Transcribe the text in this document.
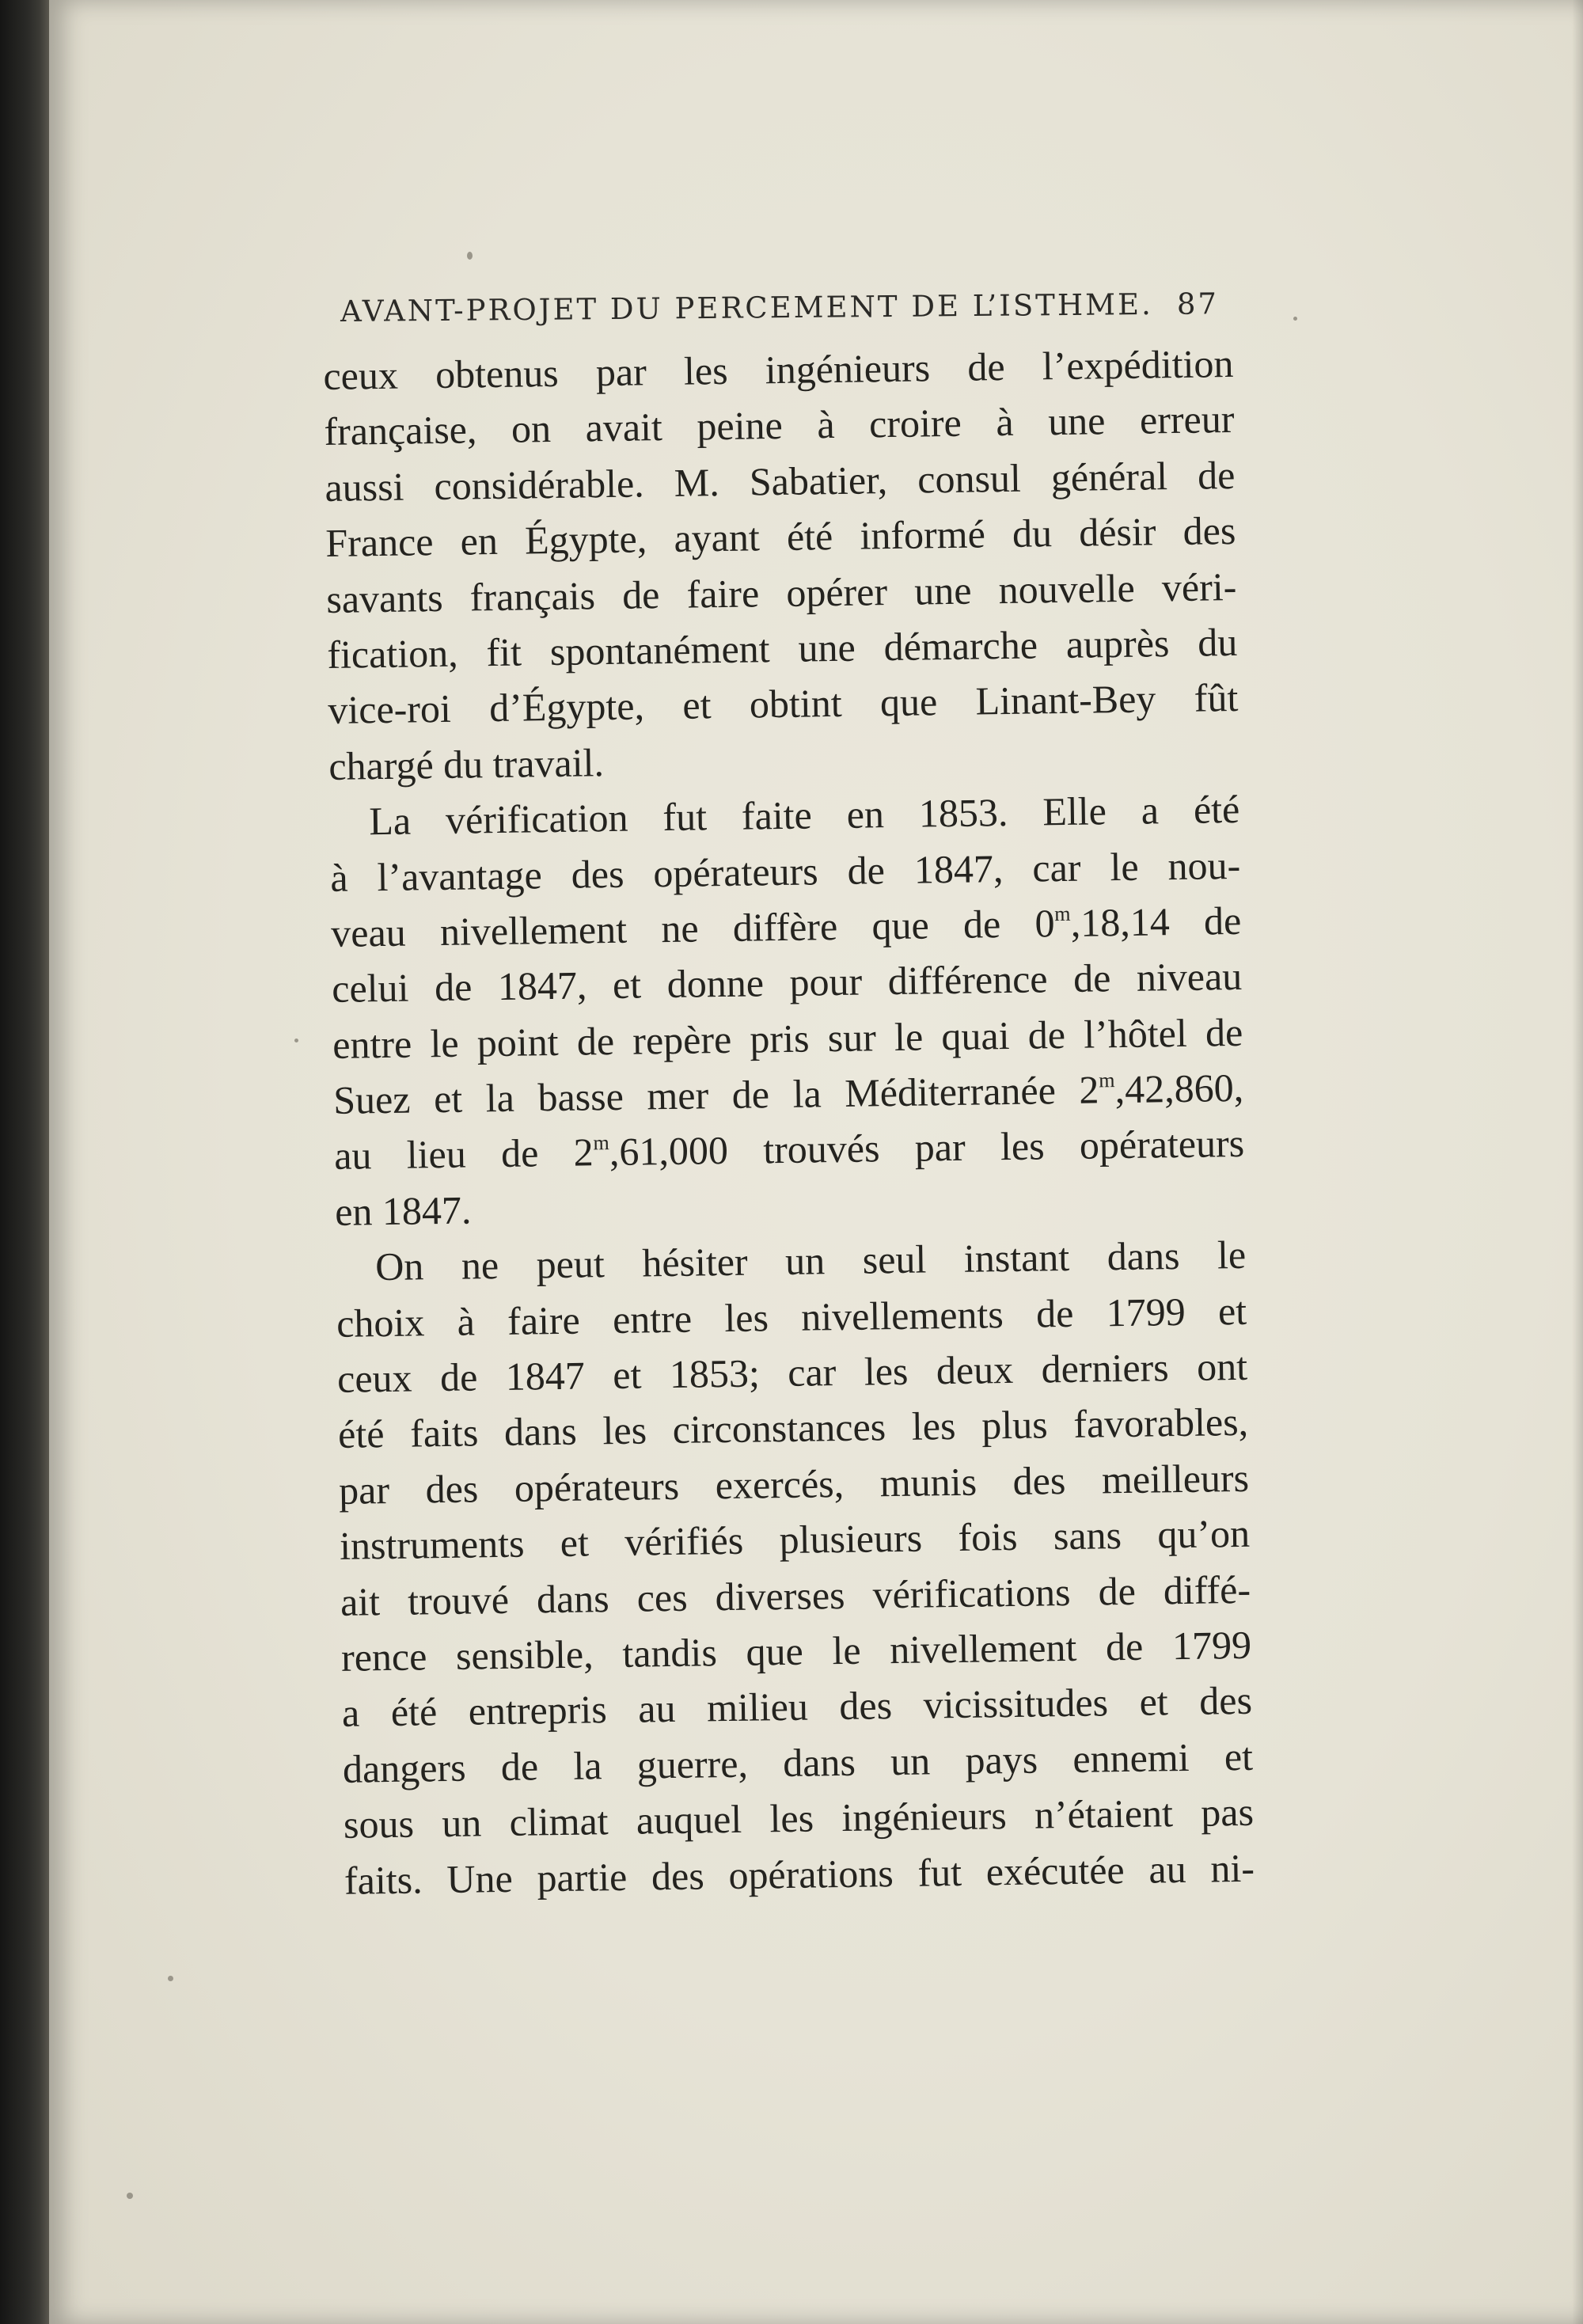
AVANT-PROJET DU PERCEMENT DE L’ISTHME. 87
ceux obtenus par les ingénieurs de l’expédition
française, on avait peine à croire à une erreur
aussi considérable. M. Sabatier, consul général de
France en Égypte, ayant été informé du désir des
savants français de faire opérer une nouvelle véri-
fication, fit spontanément une démarche auprès du
vice-roi d’Égypte, et obtint que Linant-Bey fût
chargé du travail.
La vérification fut faite en 1853. Elle a été
à l’avantage des opérateurs de 1847, car le nou-
veau nivellement ne diffère que de 0$^m$,18,14 de
celui de 1847, et donne pour différence de niveau
entre le point de repère pris sur le quai de l’hôtel de
Suez et la basse mer de la Méditerranée 2$^m$,42,860,
au lieu de 2$^m$,61,000 trouvés par les opérateurs
en 1847.
On ne peut hésiter un seul instant dans le
choix à faire entre les nivellements de 1799 et
ceux de 1847 et 1853; car les deux derniers ont
été faits dans les circonstances les plus favorables,
par des opérateurs exercés, munis des meilleurs
instruments et vérifiés plusieurs fois sans qu’on
ait trouvé dans ces diverses vérifications de diffé-
rence sensible, tandis que le nivellement de 1799
a été entrepris au milieu des vicissitudes et des
dangers de la guerre, dans un pays ennemi et
sous un climat auquel les ingénieurs n’étaient pas
faits. Une partie des opérations fut exécutée au ni-
